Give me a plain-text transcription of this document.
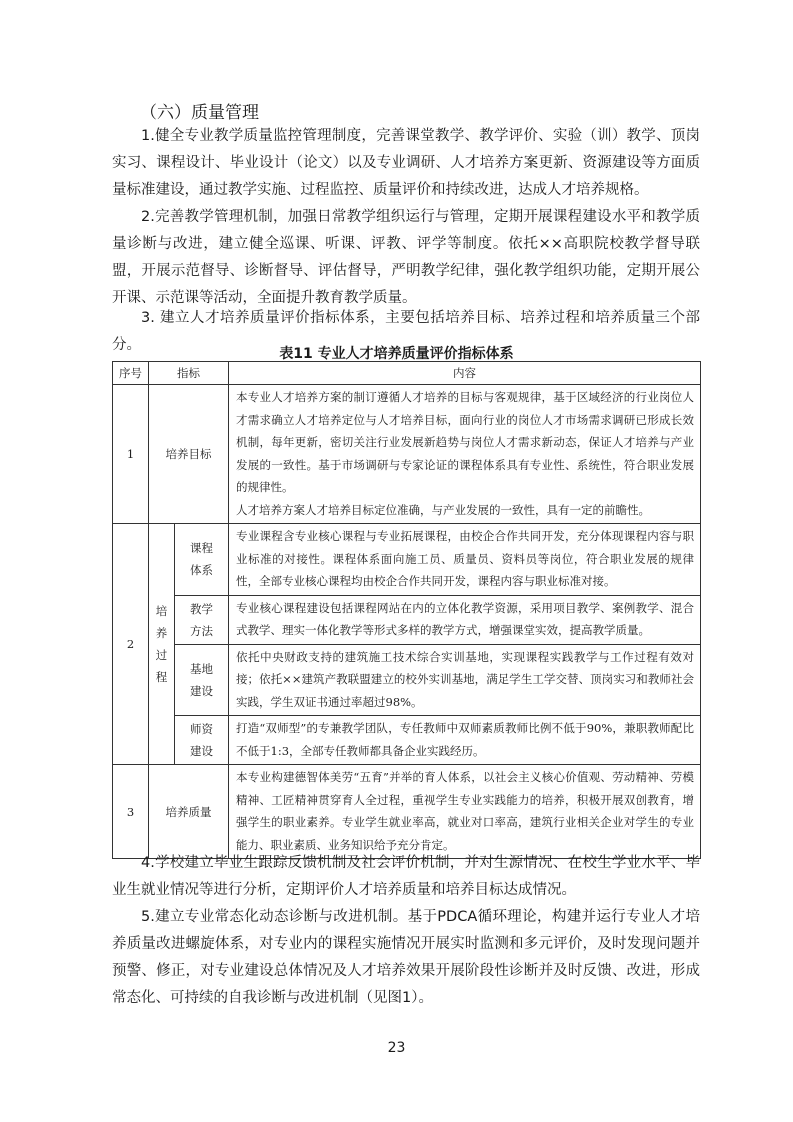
（六）质量管理

1.健全专业教学质量监控管理制度，完善课堂教学、教学评价、实验（训）教学、顶岗实习、课程设计、毕业设计（论文）以及专业调研、人才培养方案更新、资源建设等方面质量标准建设，通过教学实施、过程监控、质量评价和持续改进，达成人才培养规格。

2.完善教学管理机制，加强日常教学组织运行与管理，定期开展课程建设水平和教学质量诊断与改进，建立健全巡课、听课、评教、评学等制度。依托××高职院校教学督导联盟，开展示范督导、诊断督导、评估督导，严明教学纪律，强化教学组织功能，定期开展公开课、示范课等活动，全面提升教育教学质量。

3. 建立人才培养质量评价指标体系，主要包括培养目标、培养过程和培养质量三个部分。

表11 专业人才培养质量评价指标体系
序号	指标		内容
1	培养目标		本专业人才培养方案的制订遵循人才培养的目标与客观规律，基于区域经济的行业岗位人才需求确立人才培养定位与人才培养目标，面向行业的岗位人才市场需求调研已形成长效机制，每年更新，密切关注行业发展新趋势与岗位人才需求新动态，保证人才培养与产业发展的一致性。基于市场调研与专家论证的课程体系具有专业性、系统性，符合职业发展的规律性。
人才培养方案人才培养目标定位准确，与产业发展的一致性，具有一定的前瞻性。

2	培养过程	课程体系	专业课程含专业核心课程与专业拓展课程，由校企合作共同开发，充分体现课程内容与职业标准的对接性。课程体系面向施工员、质量员、资料员等岗位，符合职业发展的规律性，全部专业核心课程均由校企合作共同开发，课程内容与职业标准对接。
		教学方法	专业核心课程建设包括课程网站在内的立体化教学资源，采用项目教学、案例教学、混合式教学、理实一体化教学等形式多样的教学方式，增强课堂实效，提高教学质量。
		基地建设	依托中央财政支持的建筑施工技术综合实训基地，实现课程实践教学与工作过程有效对接；依托××建筑产教联盟建立的校外实训基地，满足学生工学交替、顶岗实习和教师社会实践，学生双证书通过率超过98%。
		师资建设	打造“双师型”的专兼教学团队，专任教师中双师素质教师比例不低于90%，兼职教师配比不低于1:3，全部专任教师都具备企业实践经历。
3	培养质量		本专业构建德智体美劳“五育”并举的育人体系，以社会主义核心价值观、劳动精神、劳模精神、工匠精神贯穿育人全过程，重视学生专业实践能力的培养，积极开展双创教育，增强学生的职业素养。专业学生就业率高，就业对口率高，建筑行业相关企业对学生的专业能力、职业素质、业务知识给予充分肯定。

4.学校建立毕业生跟踪反馈机制及社会评价机制，并对生源情况、在校生学业水平、毕业生就业情况等进行分析，定期评价人才培养质量和培养目标达成情况。

5.建立专业常态化动态诊断与改进机制。基于PDCA循环理论，构建并运行专业人才培养质量改进螺旋体系，对专业内的课程实施情况开展实时监测和多元评价，及时发现问题并预警、修正，对专业建设总体情况及人才培养效果开展阶段性诊断并及时反馈、改进，形成常态化、可持续的自我诊断与改进机制（见图1）。

23
